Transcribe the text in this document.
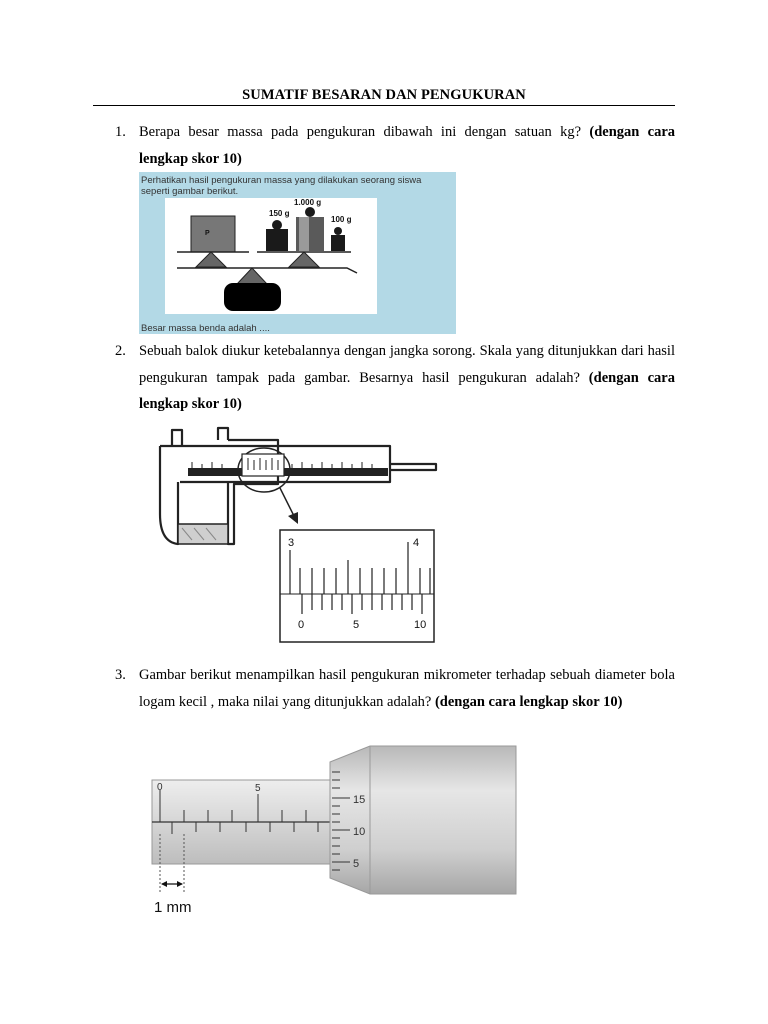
SUMATIF BESARAN DAN PENGUKURAN
1. Berapa besar massa pada pengukuran dibawah ini dengan satuan kg? (dengan cara lengkap skor 10)
Perhatikan hasil pengukuran massa yang dilakukan seorang siswa
seperti gambar berikut.
P
150 g
1.000 g
100 g
Besar massa benda adalah ....
2. Sebuah balok diukur ketebalannya dengan jangka sorong. Skala yang ditunjukkan dari hasil pengukuran tampak pada gambar. Besarnya hasil pengukuran adalah? (dengan cara lengkap skor 10)
cm
3	4
0	5	10
3. Gambar berikut menampilkan hasil pengukuran mikrometer terhadap sebuah diameter bola logam kecil , maka nilai yang ditunjukkan adalah? (dengan cara lengkap skor 10)
0	5
15
10
5
1 mm
